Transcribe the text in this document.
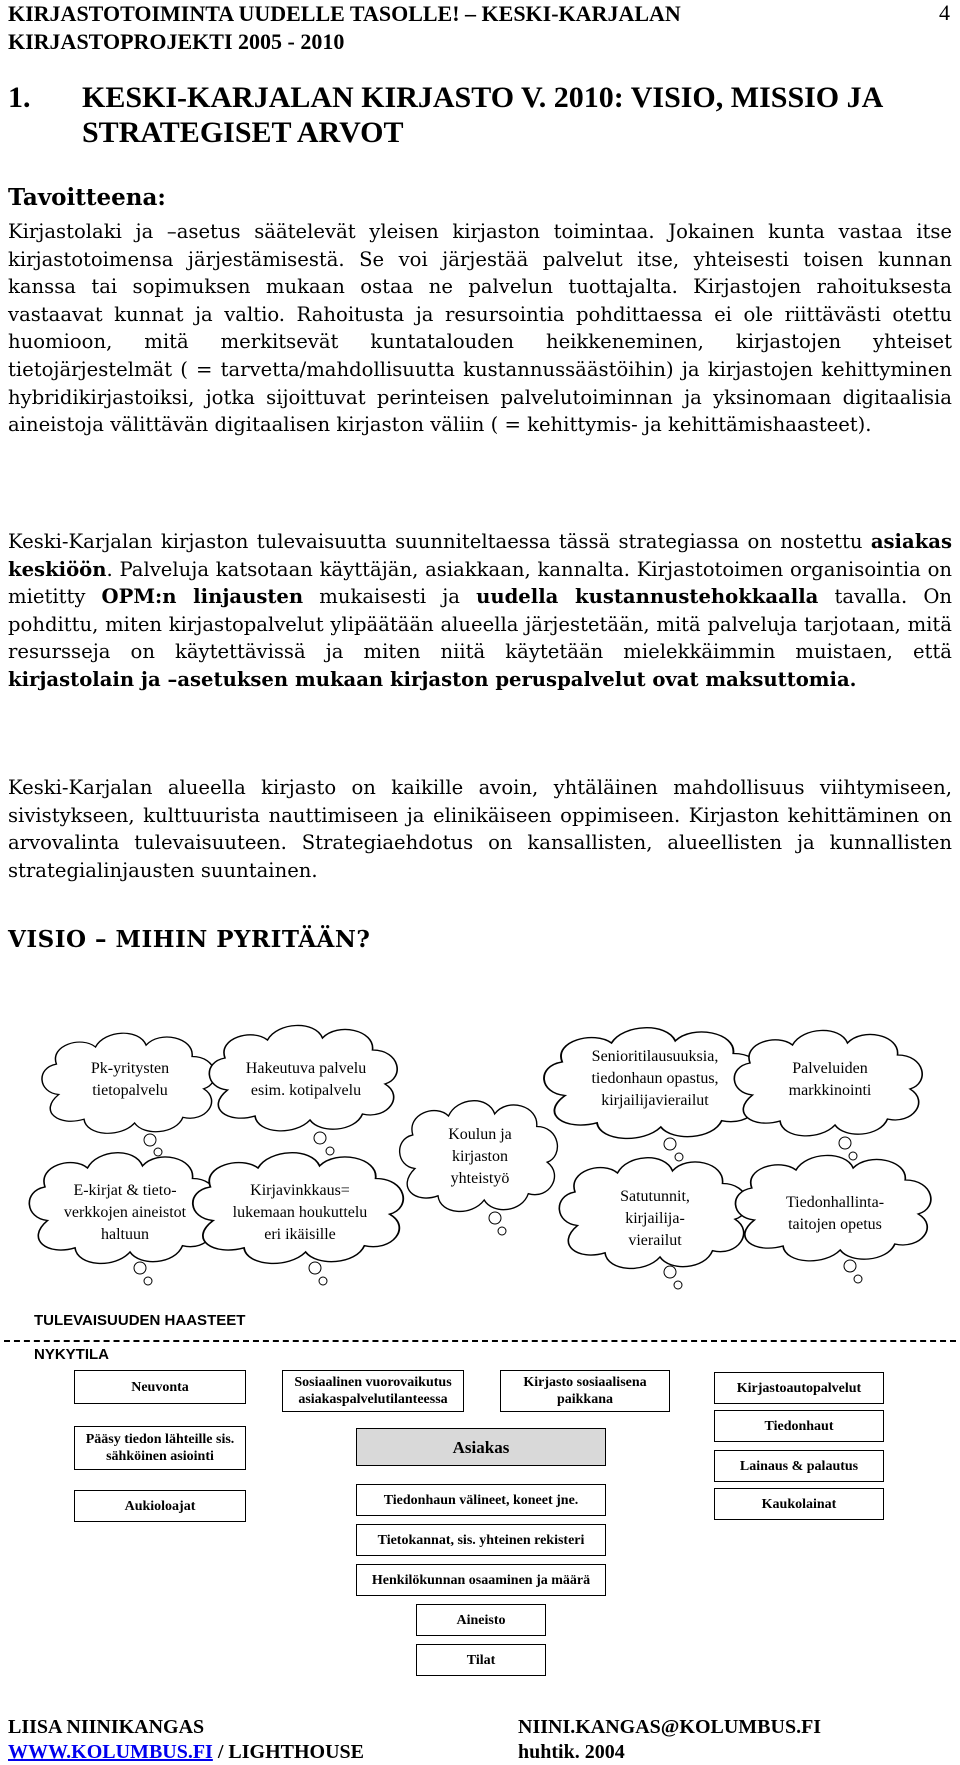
KIRJASTOTOIMINTA UUDELLE TASOLLE! – KESKI-KARJALAN
KIRJASTOPROJEKTI 2005 - 2010
4
1. KESKI-KARJALAN KIRJASTO V. 2010: VISIO, MISSIO JA STRATEGISET ARVOT
Tavoitteena:
Kirjastolaki ja –asetus säätelevät yleisen kirjaston toimintaa. Jokainen kunta vastaa itse kirjastotoimensa järjestämisestä. Se voi järjestää palvelut itse, yhteisesti toisen kunnan kanssa tai sopimuksen mukaan ostaa ne palvelun tuottajalta. Kirjastojen rahoituksesta vastaavat kunnat ja valtio. Rahoitusta ja resursointia pohdittaessa ei ole riittävästi otettu huomioon, mitä merkitsevät kuntatalouden heikkeneminen, kirjastojen yhteiset tietojärjestelmät ( = tarvetta/mahdollisuutta kustannussäästöihin) ja kirjastojen kehittyminen hybridikirjastoiksi, jotka sijoittuvat perinteisen palvelutoiminnan ja yksinomaan digitaalisia aineistoja välittävän digitaalisen kirjaston väliin ( = kehittymis- ja kehittämishaasteet).
Keski-Karjalan kirjaston tulevaisuutta suunniteltaessa tässä strategiassa on nostettu asiakas keskiöön. Palveluja katsotaan käyttäjän, asiakkaan, kannalta. Kirjastotoimen organisointia on mietitty OPM:n linjausten mukaisesti ja uudella kustannustehokkaalla tavalla. On pohdittu, miten kirjastopalvelut ylipäätään alueella järjestetään, mitä palveluja tarjotaan, mitä resursseja on käytettävissä ja miten niitä käytetään mielekkäimmin muistaen, että kirjastolain ja –asetuksen mukaan kirjaston peruspalvelut ovat maksuttomia.
Keski-Karjalan alueella kirjasto on kaikille avoin, yhtäläinen mahdollisuus viihtymiseen, sivistykseen, kulttuurista nauttimiseen ja elinikäiseen oppimiseen. Kirjaston kehittäminen on arvovalinta tulevaisuuteen. Strategiaehdotus on kansallisten, alueellisten ja kunnallisten strategialinjausten suuntainen.
VISIO – MIHIN PYRITÄÄN?
Pk-yritysten
tietopalvelu
Hakeutuva palvelu
esim. kotipalvelu
Koulun ja
kirjaston
yhteistyö
Senioritilausuuksia,
tiedonhaun opastus,
kirjailijavierailut
Palveluiden
markkinointi
E-kirjat & tieto-
verkkojen aineistot
haltuun
Kirjavinkkaus=
lukemaan houkuttelu
eri ikäisille
Satutunnit,
kirjailija-
vierailut
Tiedonhallinta-
taitojen opetus
TULEVAISUUDEN HAASTEET
NYKYTILA
Neuvonta	Sosiaalinen vuorovaikutus asiakaspalvelutilanteessa
Kirjasto sosiaalisena paikkana
Kirjastoautopalvelut
Tiedonhaut
Pääsy tiedon lähteille sis. sähköinen asiointi	Asiakas
Lainaus & palautus
Aukioloajat	Tiedonhaun välineet, koneet jne.	Kaukolainat
Tietokannat, sis. yhteinen rekisteri
Henkilökunnan osaaminen ja määrä
Aineisto
Tilat
LIISA NIINIKANGAS	NIINI.KANGAS@KOLUMBUS.FI
WWW.KOLUMBUS.FI / LIGHTHOUSE	huhtik. 2004
